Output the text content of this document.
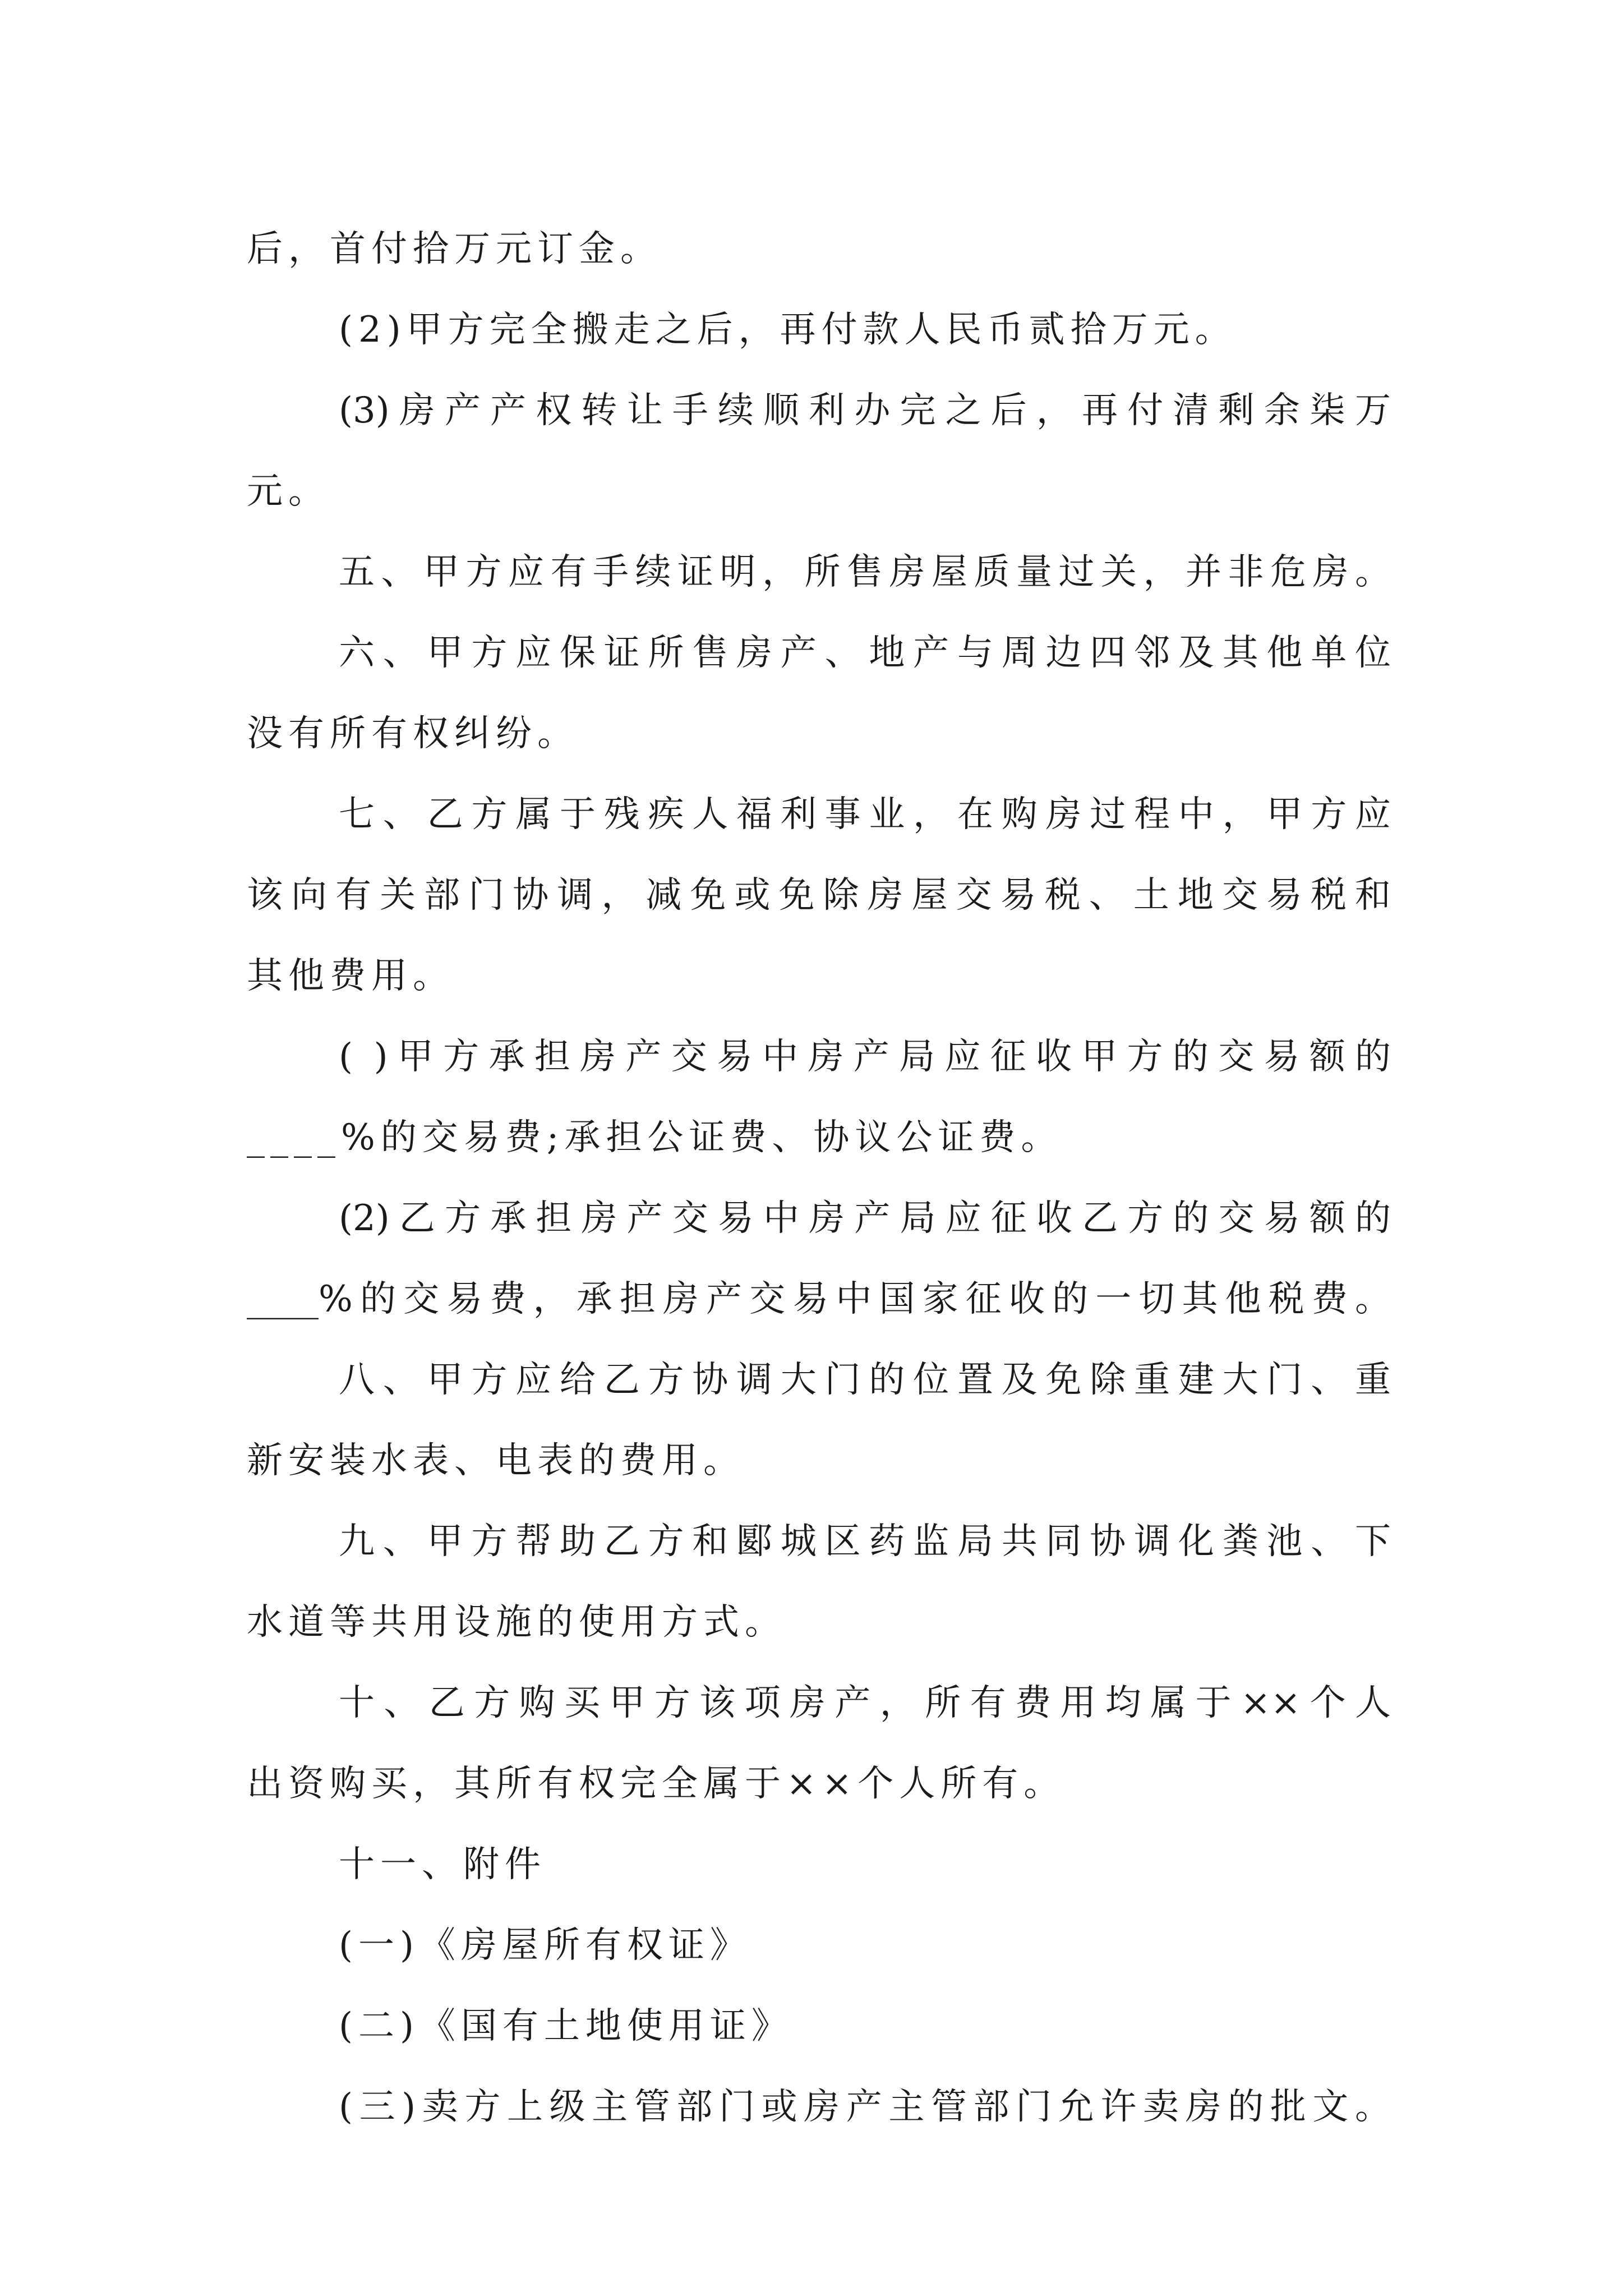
后，首付拾万元订金。
(2)甲方完全搬走之后，再付款人民币贰拾万元。
(3)房产产权转让手续顺利办完之后，再付清剩余柒万
元。
五、甲方应有手续证明，所售房屋质量过关，并非危房。
六、甲方应保证所售房产、地产与周边四邻及其他单位
没有所有权纠纷。
七、乙方属于残疾人福利事业，在购房过程中，甲方应
该向有关部门协调，减免或免除房屋交易税、土地交易税和
其他费用。
( )甲方承担房产交易中房产局应征收甲方的交易额的
____%的交易费;承担公证费、协议公证费。
(2)乙方承担房产交易中房产局应征收乙方的交易额的
____%的交易费，承担房产交易中国家征收的一切其他税费。
八、甲方应给乙方协调大门的位置及免除重建大门、重
新安装水表、电表的费用。
九、甲方帮助乙方和郾城区药监局共同协调化粪池、下
水道等共用设施的使用方式。
十、乙方购买甲方该项房产，所有费用均属于××个人
出资购买，其所有权完全属于××个人所有。
十一、附件
(一)《房屋所有权证》
(二)《国有土地使用证》
(三)卖方上级主管部门或房产主管部门允许卖房的批文。
